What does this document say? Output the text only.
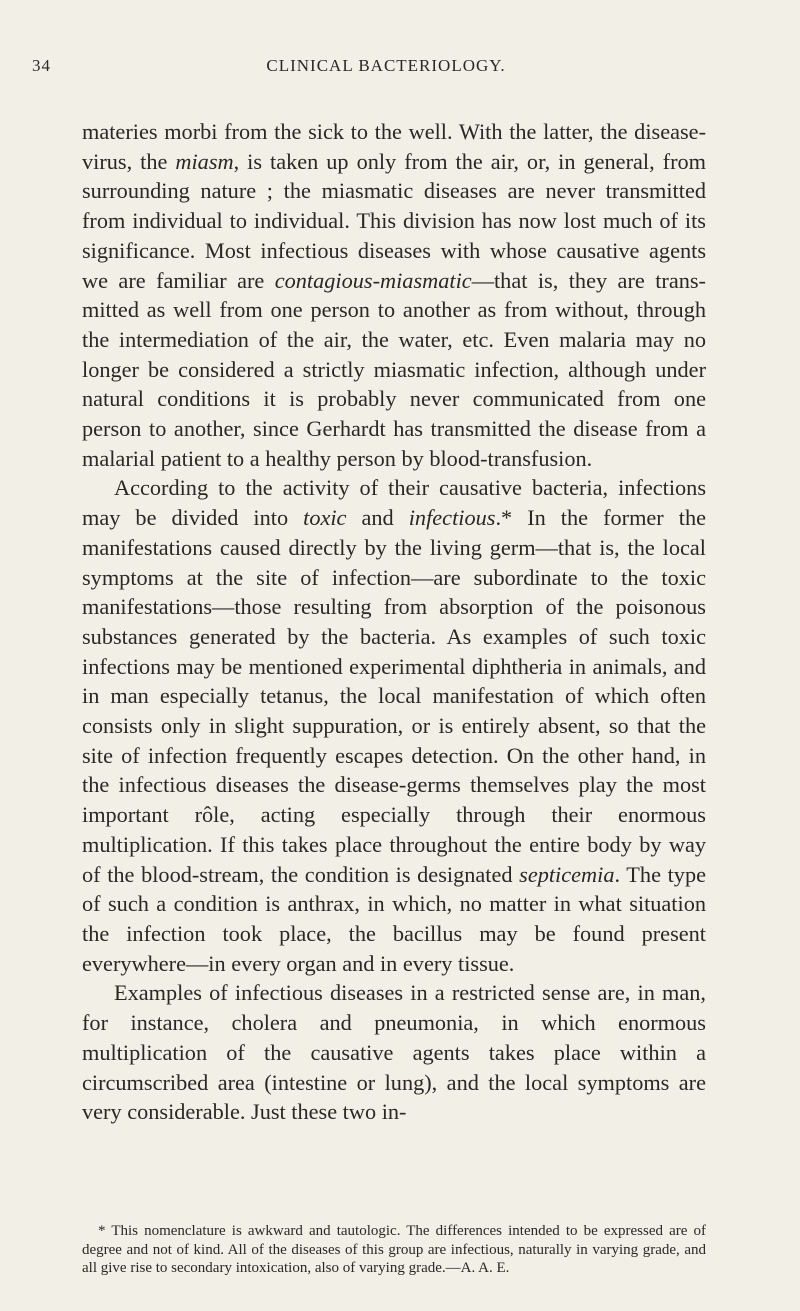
34	CLINICAL BACTERIOLOGY.

materies morbi from the sick to the well. With the latter, the disease-virus, the miasm, is taken up only from the air, or, in general, from surrounding nature ; the miasmatic diseases are never transmitted from individual to individual. This division has now lost much of its significance. Most infectious diseases with whose causative agents we are familiar are contagious-miasmatic—that is, they are transmitted as well from one person to another as from without, through the intermediation of the air, the water, etc. Even malaria may no longer be considered a strictly miasmatic infection, although under natural conditions it is probably never communicated from one person to another, since Gerhardt has transmitted the disease from a malarial patient to a healthy person by blood-transfusion.

According to the activity of their causative bacteria, infections may be divided into toxic and infectious.* In the former the manifestations caused directly by the living germ—that is, the local symptoms at the site of infection—are subordinate to the toxic manifestations—those resulting from absorption of the poisonous substances generated by the bacteria. As examples of such toxic infections may be mentioned experimental diphtheria in animals, and in man especially tetanus, the local manifestation of which often consists only in slight suppuration, or is entirely absent, so that the site of infection frequently escapes detection. On the other hand, in the infectious diseases the disease-germs themselves play the most important rôle, acting especially through their enormous multiplication. If this takes place throughout the entire body by way of the blood-stream, the condition is designated septicemia. The type of such a condition is anthrax, in which, no matter in what situation the infection took place, the bacillus may be found present everywhere—in every organ and in every tissue.

Examples of infectious diseases in a restricted sense are, in man, for instance, cholera and pneumonia, in which enormous multiplication of the causative agents takes place within a circumscribed area (intestine or lung), and the local symptoms are very considerable. Just these two in-

* This nomenclature is awkward and tautologic. The differences intended to be expressed are of degree and not of kind. All of the diseases of this group are infectious, naturally in varying grade, and all give rise to secondary intoxication, also of varying grade.—A. A. E.
